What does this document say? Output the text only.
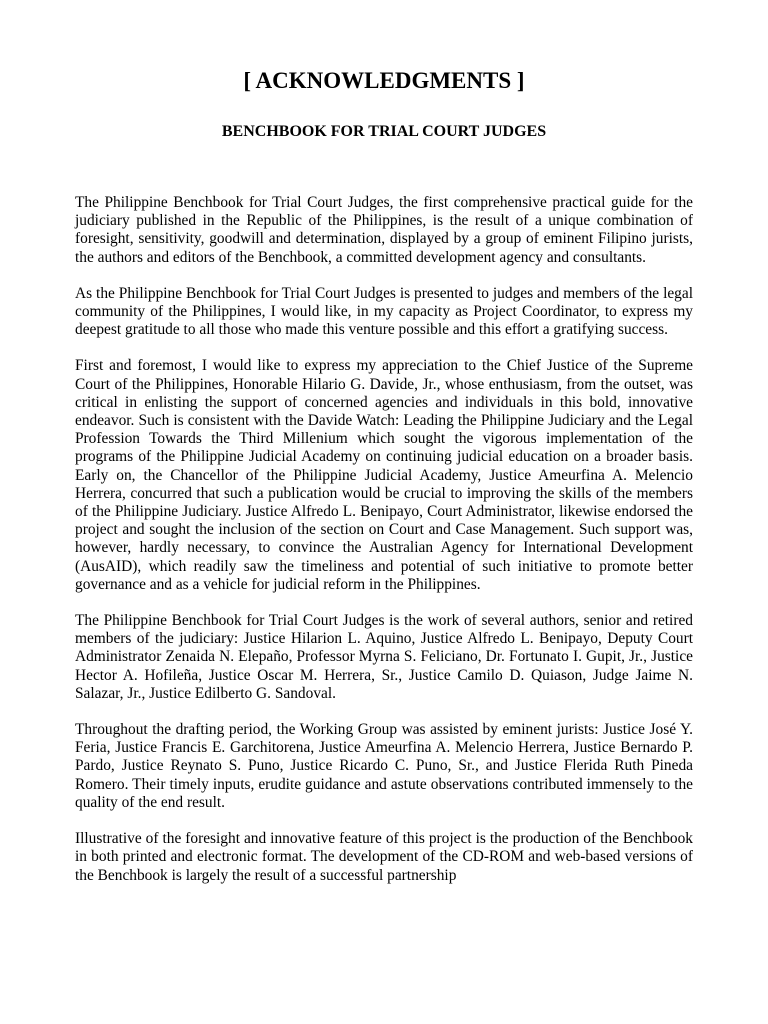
[ ACKNOWLEDGMENTS ]
BENCHBOOK FOR TRIAL COURT JUDGES

The Philippine Benchbook for Trial Court Judges, the first comprehensive practical guide for the judiciary published in the Republic of the Philippines, is the result of a unique combination of foresight, sensitivity, goodwill and determination, displayed by a group of eminent Filipino jurists, the authors and editors of the Benchbook, a committed development agency and consultants.

As the Philippine Benchbook for Trial Court Judges is presented to judges and members of the legal community of the Philippines, I would like, in my capacity as Project Coordinator, to express my deepest gratitude to all those who made this venture possible and this effort a gratifying success.

First and foremost, I would like to express my appreciation to the Chief Justice of the Supreme Court of the Philippines, Honorable Hilario G. Davide, Jr., whose enthusiasm, from the outset, was critical in enlisting the support of concerned agencies and individuals in this bold, innovative endeavor. Such is consistent with the Davide Watch: Leading the Philippine Judiciary and the Legal Profession Towards the Third Millenium which sought the vigorous implementation of the programs of the Philippine Judicial Academy on continuing judicial education on a broader basis. Early on, the Chancellor of the Philippine Judicial Academy, Justice Ameurfina A. Melencio Herrera, concurred that such a publication would be crucial to improving the skills of the members of the Philippine Judiciary. Justice Alfredo L. Benipayo, Court Administrator, likewise endorsed the project and sought the inclusion of the section on Court and Case Management. Such support was, however, hardly necessary, to convince the Australian Agency for International Development (AusAID), which readily saw the timeliness and potential of such initiative to promote better governance and as a vehicle for judicial reform in the Philippines.

The Philippine Benchbook for Trial Court Judges is the work of several authors, senior and retired members of the judiciary: Justice Hilarion L. Aquino, Justice Alfredo L. Benipayo, Deputy Court Administrator Zenaida N. Elepaño, Professor Myrna S. Feliciano, Dr. Fortunato I. Gupit, Jr., Justice Hector A. Hofileña, Justice Oscar M. Herrera, Sr., Justice Camilo D. Quiason, Judge Jaime N. Salazar, Jr., Justice Edilberto G. Sandoval.

Throughout the drafting period, the Working Group was assisted by eminent jurists: Justice José Y. Feria, Justice Francis E. Garchitorena, Justice Ameurfina A. Melencio Herrera, Justice Bernardo P. Pardo, Justice Reynato S. Puno, Justice Ricardo C. Puno, Sr., and Justice Flerida Ruth Pineda Romero. Their timely inputs, erudite guidance and astute observations contributed immensely to the quality of the end result.

Illustrative of the foresight and innovative feature of this project is the production of the Benchbook in both printed and electronic format. The development of the CD-ROM and web-based versions of the Benchbook is largely the result of a successful partnership
